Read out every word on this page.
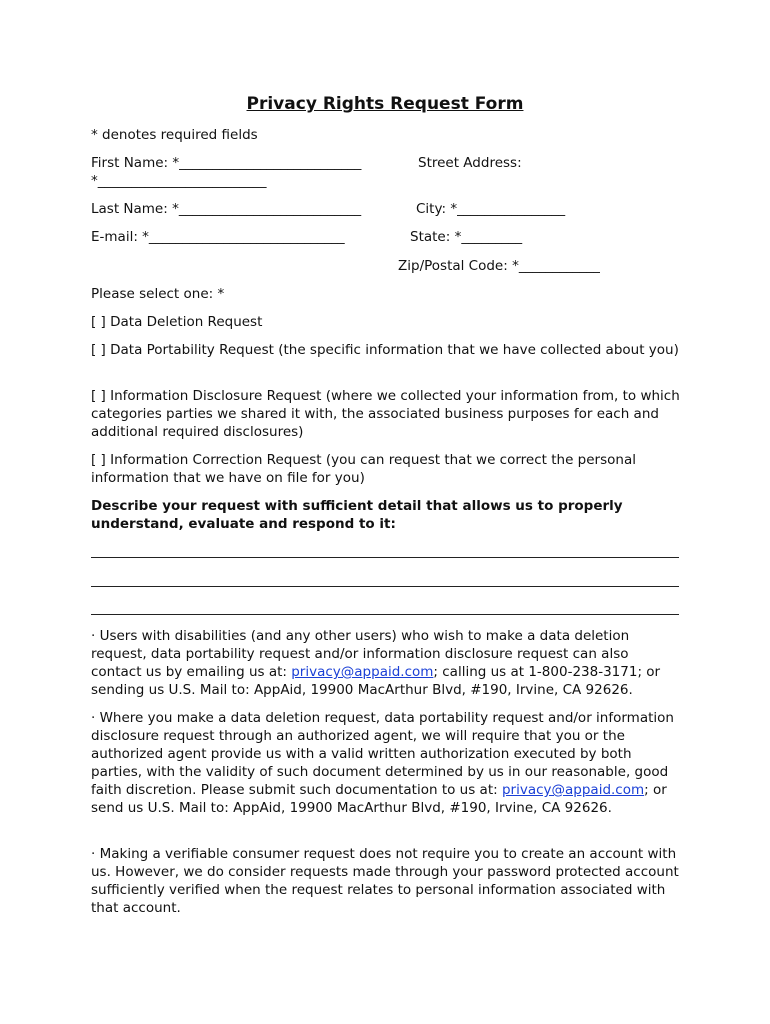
Privacy Rights Request Form
* denotes required fields
First Name: *___________________________	Street Address:
*_________________________
Last Name: *___________________________	City: *________________
E-mail: *_____________________________	State: *_________
Zip/Postal Code: *____________
Please select one: *
[ ] Data Deletion Request
[ ] Data Portability Request (the specific information that we have collected about you)
[ ] Information Disclosure Request (where we collected your information from, to which categories parties we shared it with, the associated business purposes for each and additional required disclosures)
[ ] Information Correction Request (you can request that we correct the personal information that we have on file for you)
Describe your request with sufficient detail that allows us to properly understand, evaluate and respond to it:
· Users with disabilities (and any other users) who wish to make a data deletion request, data portability request and/or information disclosure request can also contact us by emailing us at: privacy@appaid.com; calling us at 1-800-238-3171; or sending us U.S. Mail to: AppAid, 19900 MacArthur Blvd, #190, Irvine, CA 92626.
· Where you make a data deletion request, data portability request and/or information disclosure request through an authorized agent, we will require that you or the authorized agent provide us with a valid written authorization executed by both parties, with the validity of such document determined by us in our reasonable, good faith discretion. Please submit such documentation to us at: privacy@appaid.com; or send us U.S. Mail to: AppAid, 19900 MacArthur Blvd, #190, Irvine, CA 92626.
· Making a verifiable consumer request does not require you to create an account with us. However, we do consider requests made through your password protected account sufficiently verified when the request relates to personal information associated with that account.
